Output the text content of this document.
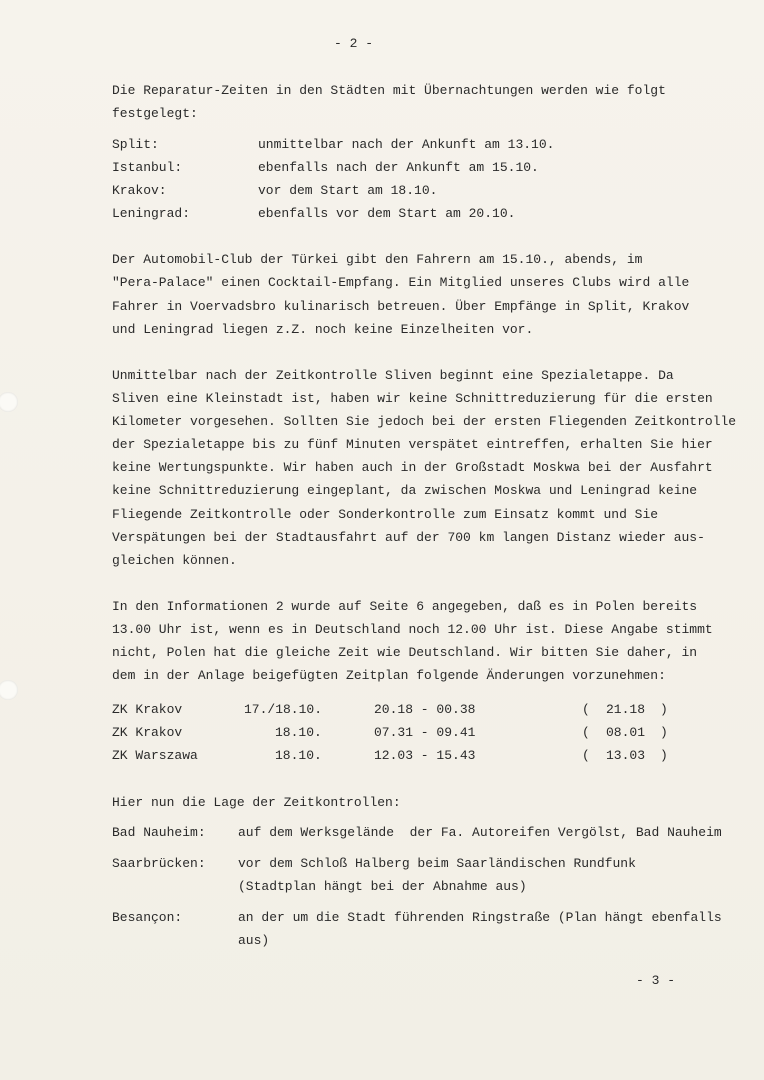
- 2 -
Die Reparatur-Zeiten in den Städten mit Übernachtungen werden wie folgt
festgelegt:
Split:	unmittelbar nach der Ankunft am 13.10.
Istanbul:	ebenfalls nach der Ankunft am 15.10.
Krakov:	vor dem Start am 18.10.
Leningrad:	ebenfalls vor dem Start am 20.10.
Der Automobil-Club der Türkei gibt den Fahrern am 15.10., abends, im
"Pera-Palace" einen Cocktail-Empfang. Ein Mitglied unseres Clubs wird alle
Fahrer in Voervadsbro kulinarisch betreuen. Über Empfänge in Split, Krakov
und Leningrad liegen z.Z. noch keine Einzelheiten vor.
Unmittelbar nach der Zeitkontrolle Sliven beginnt eine Spezialetappe. Da
Sliven eine Kleinstadt ist, haben wir keine Schnittreduzierung für die ersten
Kilometer vorgesehen. Sollten Sie jedoch bei der ersten Fliegenden Zeitkontrolle
der Spezialetappe bis zu fünf Minuten verspätet eintreffen, erhalten Sie hier
keine Wertungspunkte. Wir haben auch in der Großstadt Moskwa bei der Ausfahrt
keine Schnittreduzierung eingeplant, da zwischen Moskwa und Leningrad keine
Fliegende Zeitkontrolle oder Sonderkontrolle zum Einsatz kommt und Sie
Verspätungen bei der Stadtausfahrt auf der 700 km langen Distanz wieder aus-
gleichen können.
In den Informationen 2 wurde auf Seite 6 angegeben, daß es in Polen bereits
13.00 Uhr ist, wenn es in Deutschland noch 12.00 Uhr ist. Diese Angabe stimmt
nicht, Polen hat die gleiche Zeit wie Deutschland. Wir bitten Sie daher, in
dem in der Anlage beigefügten Zeitplan folgende Änderungen vorzunehmen:
ZK Krakov	17./18.10.	20.18 - 00.38	( 21.18 )
ZK Krakov	18.10.	07.31 - 09.41	( 08.01 )
ZK Warszawa	18.10.	12.03 - 15.43	( 13.03 )
Hier nun die Lage der Zeitkontrollen:
Bad Nauheim: auf dem Werksgelände  der Fa. Autoreifen Vergölst, Bad Nauheim
Saarbrücken: vor dem Schloß Halberg beim Saarländischen Rundfunk
(Stadtplan hängt bei der Abnahme aus)
Besançon:	an der um die Stadt führenden Ringstraße (Plan hängt ebenfalls
aus)
- 3 -
